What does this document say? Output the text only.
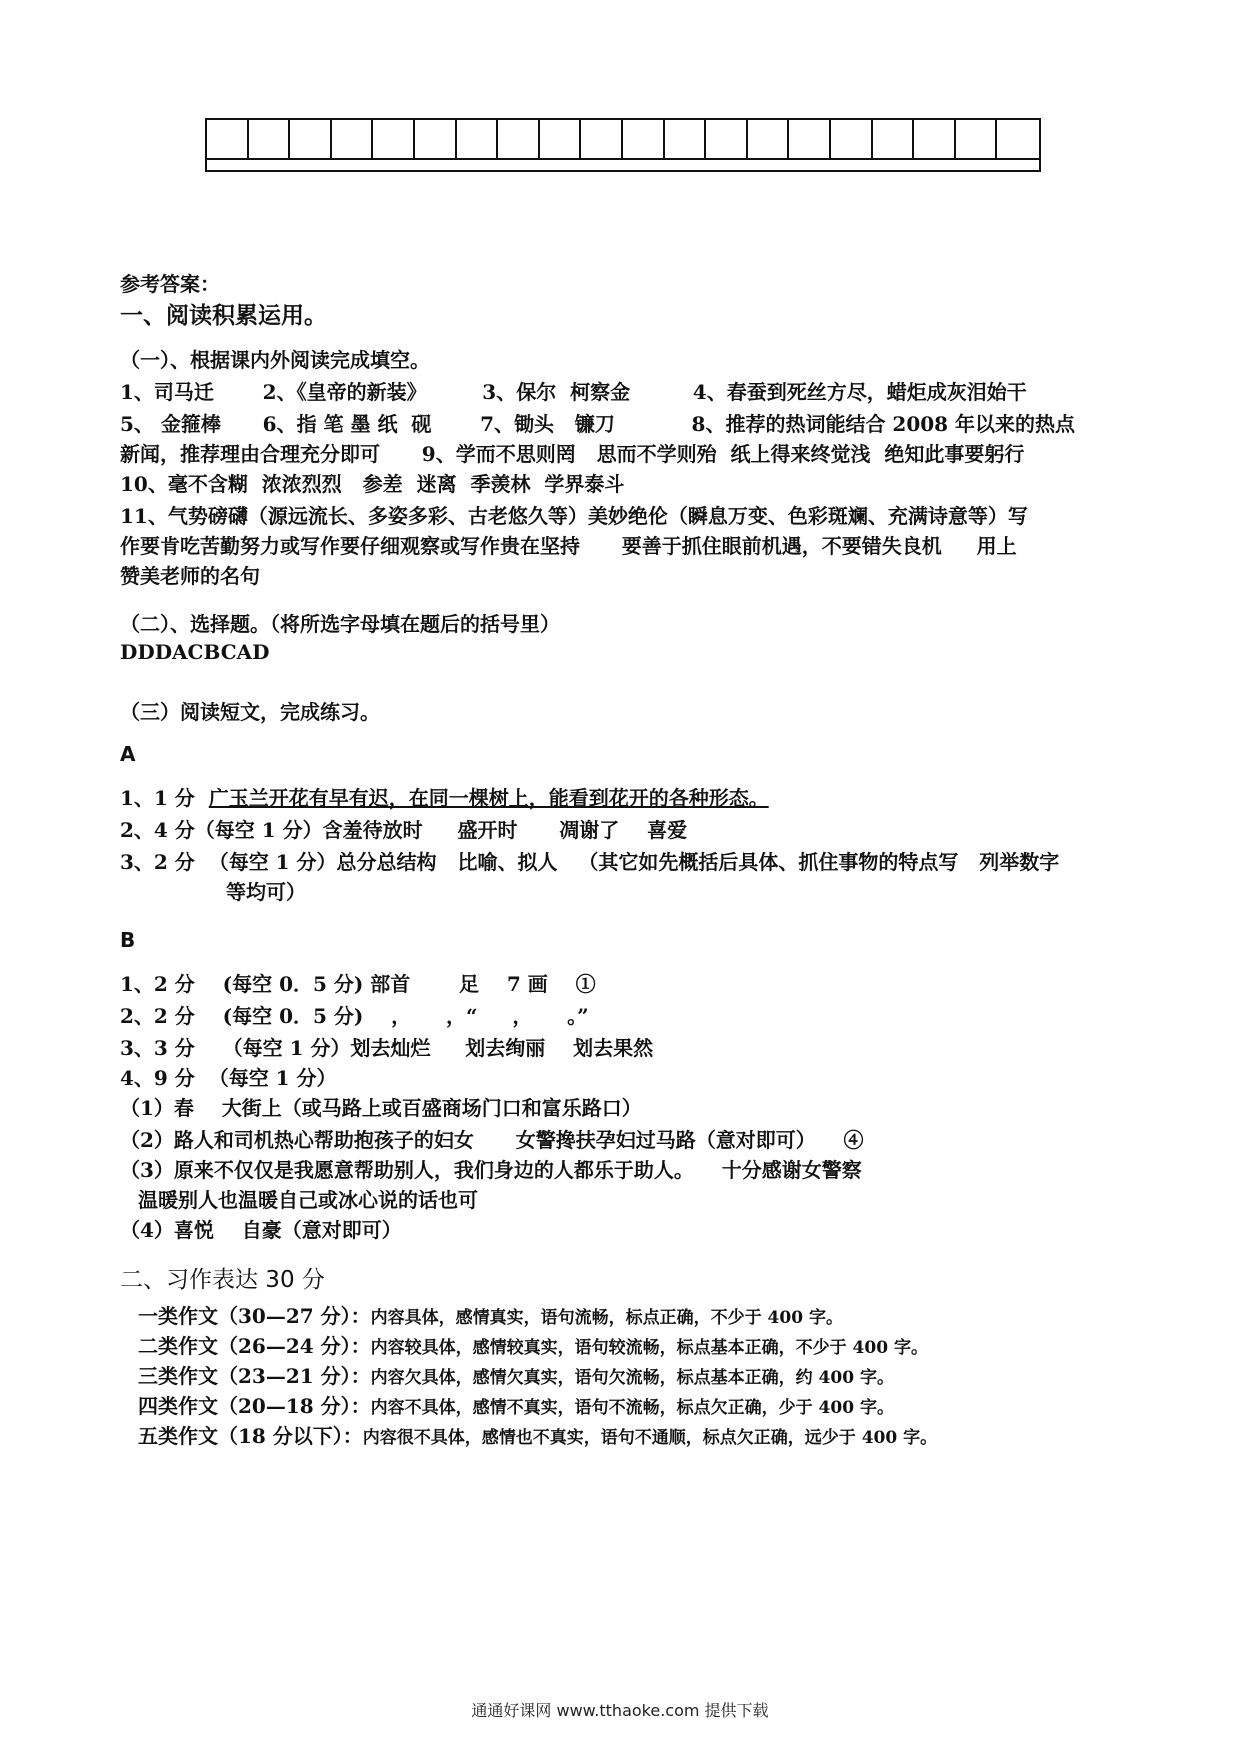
参考答案：
一、阅读积累运用。
（一）、根据课内外阅读完成填空。
1、司马迁       2、《皇帝的新装》        3、保尔  柯察金         4、春蚕到死丝方尽，蜡炬成灰泪始干
5、 金箍棒      6、指 笔 墨 纸  砚       7、锄头   镰刀           8、推荐的热词能结合 2008 年以来的热点
新闻，推荐理由合理充分即可      9、学而不思则罔   思而不学则殆  纸上得来终觉浅  绝知此事要躬行
10、毫不含糊  浓浓烈烈   参差  迷离  季羡林  学界泰斗
11、气势磅礴（源远流长、多姿多彩、古老悠久等）美妙绝伦（瞬息万变、色彩斑斓、充满诗意等）写
作要肯吃苦勤努力或写作要仔细观察或写作贵在坚持      要善于抓住眼前机遇，不要错失良机     用上
赞美老师的名句
（二）、选择题。（将所选字母填在题后的括号里）
DDDACBCAD
（三）阅读短文，完成练习。
A
1、1 分  广玉兰开花有早有迟，在同一棵树上，能看到花开的各种形态。
2、4 分（每空 1 分）含羞待放时     盛开时      凋谢了    喜爱
3、2 分  （每空 1 分）总分总结构   比喻、拟人   （其它如先概括后具体、抓住事物的特点写   列举数字
等均可）
B
1、2 分    (每空 0．5 分) 部首       足    7 画    ①
2、2 分    (每空 0．5 分)    ，     ，“     ，     。”
3、3 分    （每空 1 分）划去灿烂     划去绚丽    划去果然
4、9 分  （每空 1 分）
（1）春    大街上（或马路上或百盛商场门口和富乐路口）
（2）路人和司机热心帮助抱孩子的妇女      女警搀扶孕妇过马路（意对即可）    ④
（3）原来不仅仅是我愿意帮助别人，我们身边的人都乐于助人。    十分感谢女警察
温暖别人也温暖自己或冰心说的话也可
（4）喜悦    自豪（意对即可）
二、习作表达 30 分
一类作文（30—27 分）：内容具体，感情真实，语句流畅，标点正确，不少于 400 字。
二类作文（26—24 分）：内容较具体，感情较真实，语句较流畅，标点基本正确，不少于 400 字。
三类作文（23—21 分）：内容欠具体，感情欠真实，语句欠流畅，标点基本正确，约 400 字。
四类作文（20—18 分）：内容不具体，感情不真实，语句不流畅，标点欠正确，少于 400 字。
五类作文（18 分以下）：内容很不具体，感情也不真实，语句不通顺，标点欠正确，远少于 400 字。
通通好课网 www.tthaoke.com 提供下载
